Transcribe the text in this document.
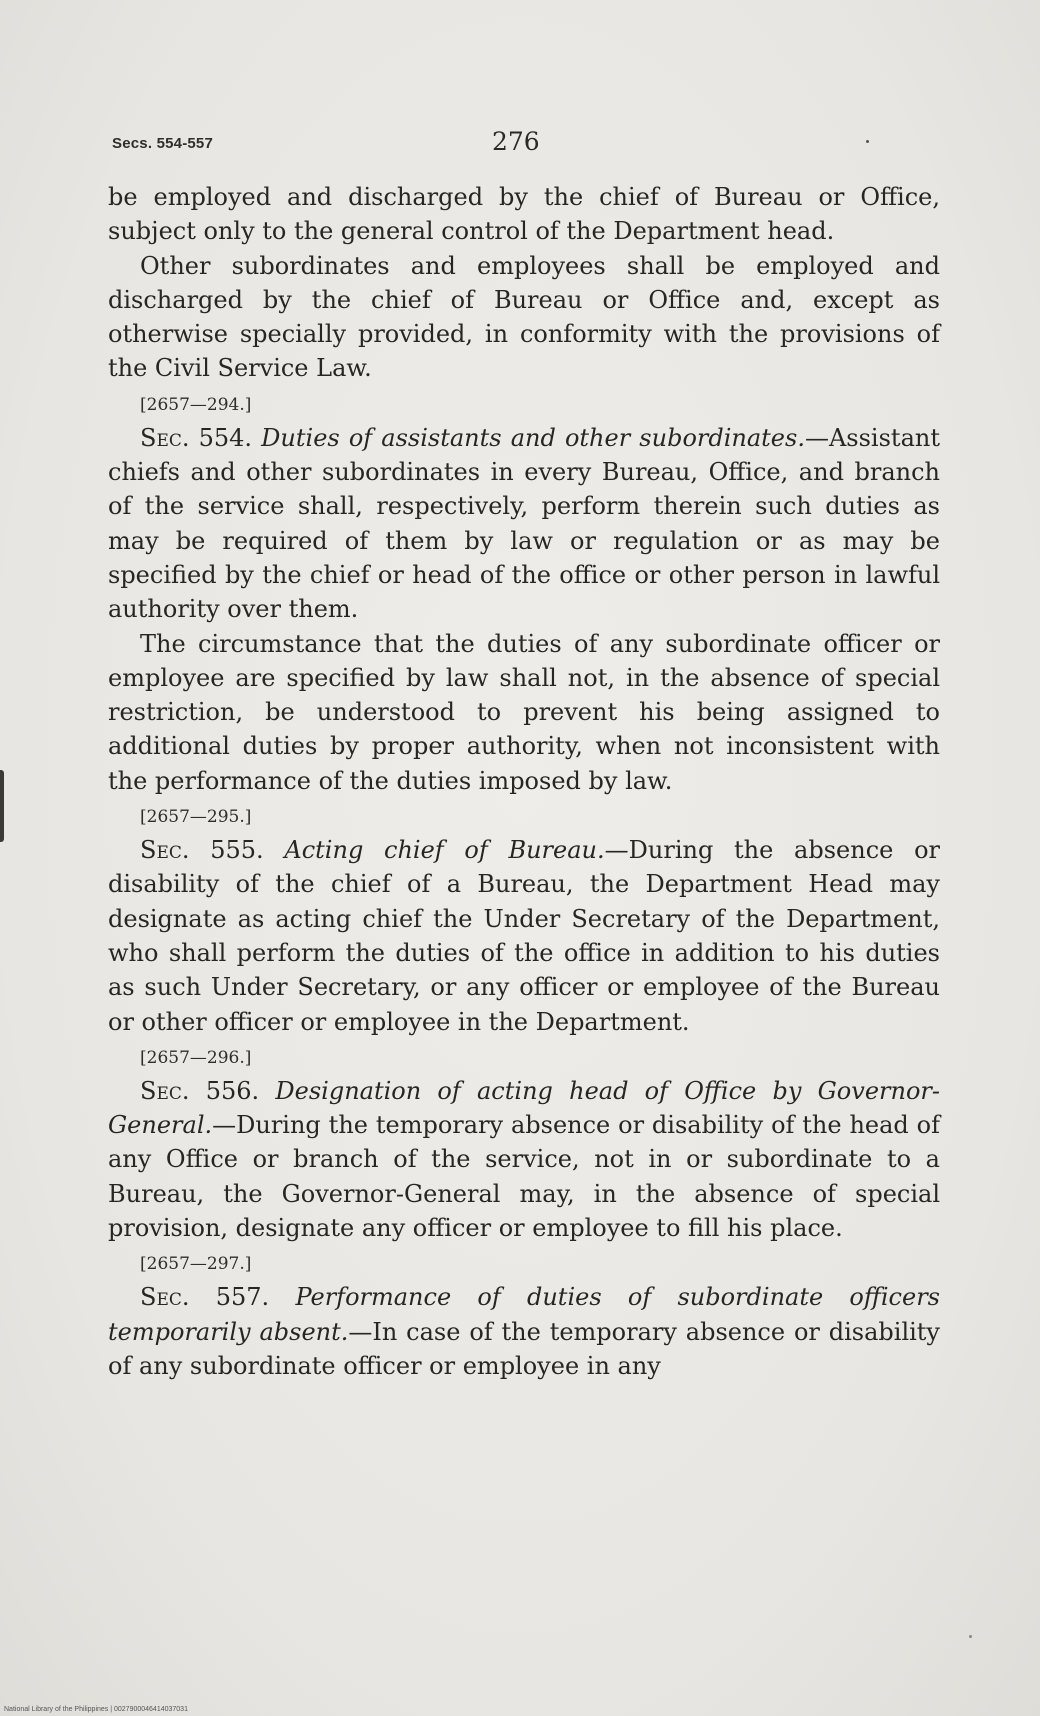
Secs. 554-557	276

be employed and discharged by the chief of Bureau or Office, subject only to the general control of the Department head.

Other subordinates and employees shall be employed and discharged by the chief of Bureau or Office and, except as otherwise specially provided, in conformity with the provisions of the Civil Service Law.

[2657—294.]

Sec. 554. Duties of assistants and other subordinates.—Assistant chiefs and other subordinates in every Bureau, Office, and branch of the service shall, respectively, perform therein such duties as may be required of them by law or regulation or as may be specified by the chief or head of the office or other person in lawful authority over them.

The circumstance that the duties of any subordinate officer or employee are specified by law shall not, in the absence of special restriction, be understood to prevent his being assigned to additional duties by proper authority, when not inconsistent with the performance of the duties imposed by law.

[2657—295.]

Sec. 555. Acting chief of Bureau.—During the absence or disability of the chief of a Bureau, the Department Head may designate as acting chief the Under Secretary of the Department, who shall perform the duties of the office in addition to his duties as such Under Secretary, or any officer or employee of the Bureau or other officer or employee in the Department.

[2657—296.]

Sec. 556. Designation of acting head of Office by Governor-General.—During the temporary absence or disability of the head of any Office or branch of the service, not in or subordinate to a Bureau, the Governor-General may, in the absence of special provision, designate any officer or employee to fill his place.

[2657—297.]

Sec. 557. Performance of duties of subordinate officers temporarily absent.—In case of the temporary absence or disability of any subordinate officer or employee in any

National Library of the Philippines | 0027900046414037031
